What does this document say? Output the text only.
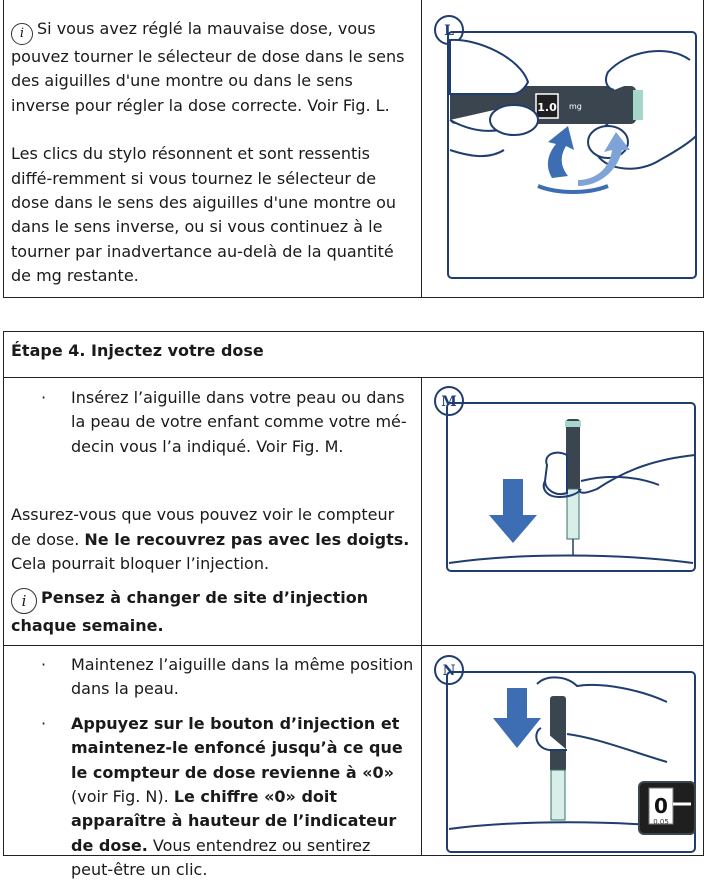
i Si vous avez réglé la mauvaise dose, vous pouvez tourner le sélecteur de dose dans le sens des aiguilles d'une montre ou dans le sens inverse pour régler la dose correcte. Voir Fig. L.

Les clics du stylo résonnent et sont ressentis diffé-remment si vous tournez le sélecteur de dose dans le sens des aiguilles d'une montre ou dans le sens inverse, ou si vous continuez à le tourner par inadvertance au-delà de la quantité de mg restante.

L
1.0 mg
Étape 4. Injectez votre dose
· Insérez l’aiguille dans votre peau ou dans la peau de votre enfant comme votre mé-decin vous l’a indiqué. Voir Fig. M.

Assurez-vous que vous pouvez voir le compteur de dose. Ne le recouvrez pas avec les doigts. Cela pourrait bloquer l’injection.

i Pensez à changer de site d’injection chaque semaine.

M
· Maintenez l’aiguille dans la même position dans la peau.
· Appuyez sur le bouton d’injection et maintenez-le enfoncé jusqu’à ce que le compteur de dose revienne à «0» (voir Fig. N). Le chiffre «0» doit apparaître à hauteur de l’indicateur de dose. Vous entendrez ou sentirez peut-être un clic.
N
0
0.05
